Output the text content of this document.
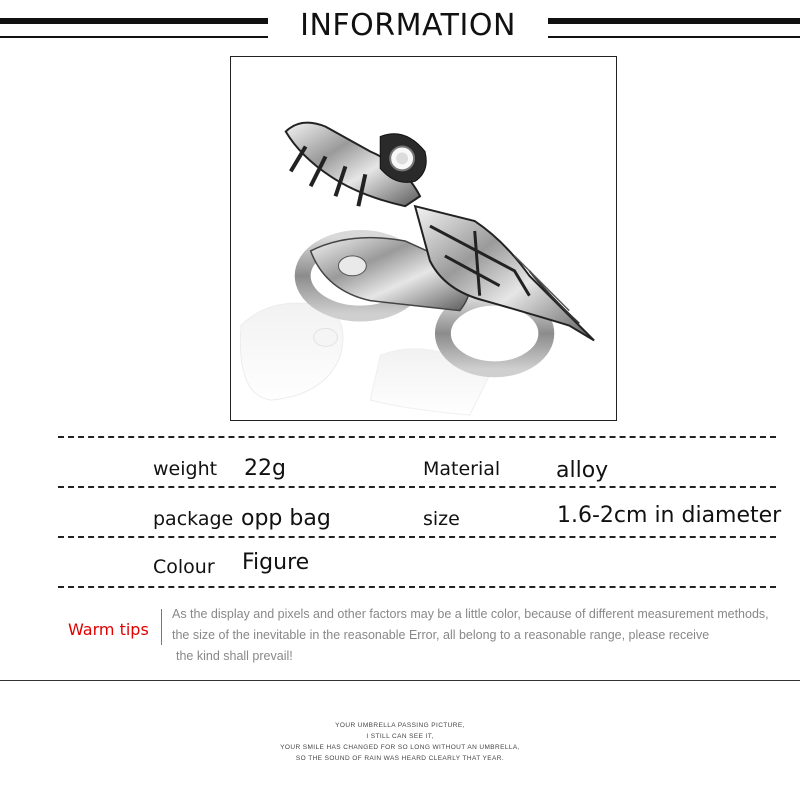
INFORMATION
weight 22g	Material	alloy
package opp bag	size	1.6-2cm in diameter
Colour Figure
Warm tips
As the display and pixels and other factors may be a little color, because of different measurement methods,
the size of the inevitable in the reasonable Error, all belong to a reasonable range, please receive
the kind shall prevail!
YOUR UMBRELLA PASSING PICTURE,
I STILL CAN SEE IT,
YOUR SMILE HAS CHANGED FOR SO LONG WITHOUT AN UMBRELLA,
SO THE SOUND OF RAIN WAS HEARD CLEARLY THAT YEAR.
